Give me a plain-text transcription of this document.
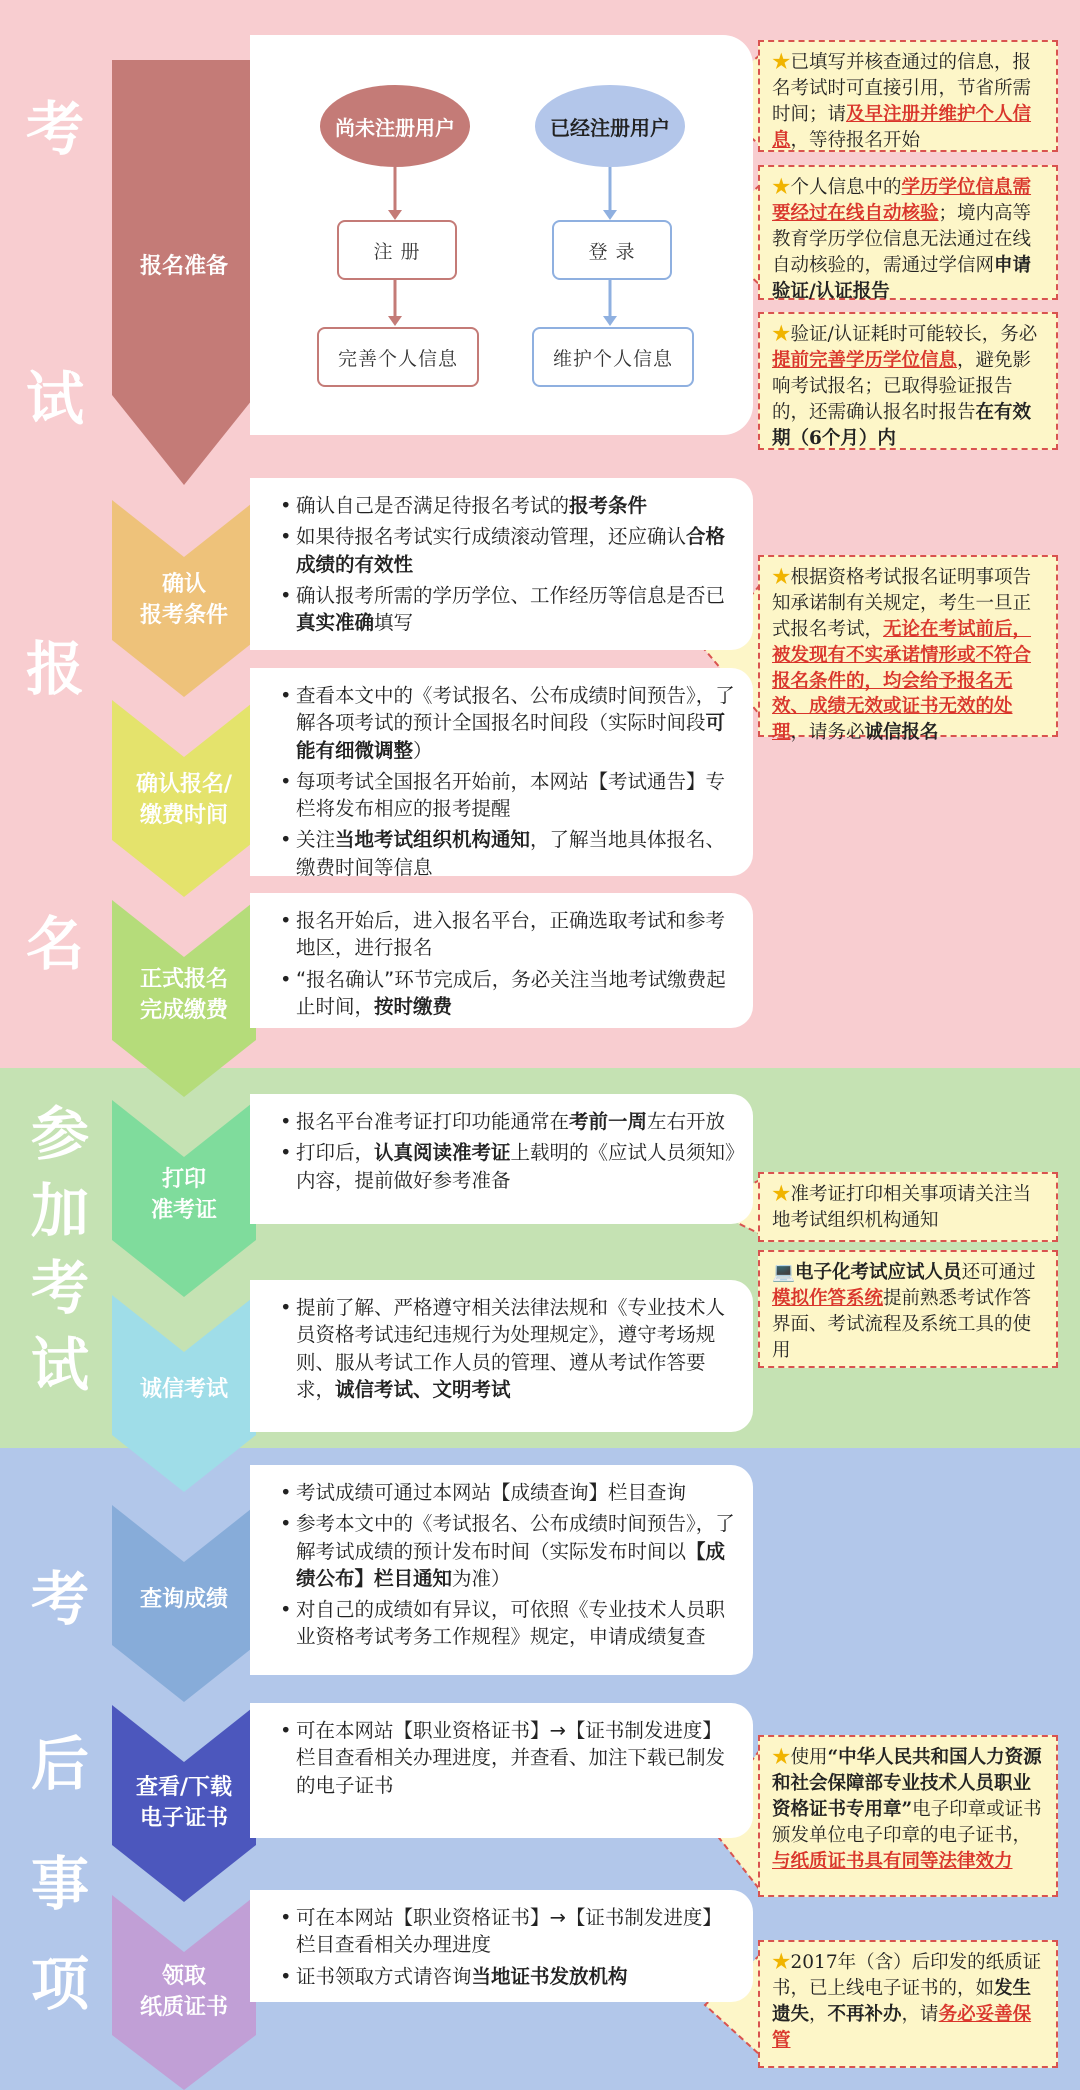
考
试
报
名
参
加
考
试
考
后
事
项
报名准备
确认
报考条件
确认报名/
缴费时间
正式报名
完成缴费
打印
准考证
诚信考试
查询成绩
查看/下载
电子证书
领取
纸质证书
尚未注册用户	已经注册用户
注 册	登 录
完善个人信息	维护个人信息
• 确认自己是否满足待报名考试的报考条件
• 如果待报名考试实行成绩滚动管理，还应确认合格成绩的有效性
• 确认报考所需的学历学位、工作经历等信息是否已真实准确填写
• 查看本文中的《考试报名、公布成绩时间预告》，了解各项考试的预计全国报名时间段（实际时间段可能有细微调整）
• 每项考试全国报名开始前，本网站【考试通告】专栏将发布相应的报考提醒
• 关注当地考试组织机构通知，了解当地具体报名、缴费时间等信息
• 报名开始后，进入报名平台，正确选取考试和参考地区，进行报名
• “报名确认”环节完成后，务必关注当地考试缴费起止时间，按时缴费
• 报名平台准考证打印功能通常在考前一周左右开放
• 打印后，认真阅读准考证上载明的《应试人员须知》内容，提前做好参考准备
• 提前了解、严格遵守相关法律法规和《专业技术人员资格考试违纪违规行为处理规定》，遵守考场规则、服从考试工作人员的管理、遵从考试作答要求，诚信考试、文明考试
• 考试成绩可通过本网站【成绩查询】栏目查询
• 参考本文中的《考试报名、公布成绩时间预告》，了解考试成绩的预计发布时间（实际发布时间以【成绩公布】栏目通知为准）
• 对自己的成绩如有异议，可依照《专业技术人员职业资格考试考务工作规程》规定，申请成绩复查
• 可在本网站【职业资格证书】→【证书制发进度】栏目查看相关办理进度，并查看、加注下载已制发的电子证书
• 可在本网站【职业资格证书】→【证书制发进度】栏目查看相关办理进度
• 证书领取方式请咨询当地证书发放机构
★已填写并核查通过的信息，报名考试时可直接引用，节省所需时间；请及早注册并维护个人信息，等待报名开始
★个人信息中的学历学位信息需要经过在线自动核验；境内高等教育学历学位信息无法通过在线自动核验的，需通过学信网申请验证/认证报告
★验证/认证耗时可能较长，务必提前完善学历学位信息，避免影响考试报名；已取得验证报告的，还需确认报名时报告在有效期（6个月）内
★根据资格考试报名证明事项告知承诺制有关规定，考生一旦正式报名考试，无论在考试前后，被发现有不实承诺情形或不符合报名条件的，均会给予报名无效、成绩无效或证书无效的处理，请务必诚信报名
★准考证打印相关事项请关注当地考试组织机构通知
💻电子化考试应试人员还可通过模拟作答系统提前熟悉考试作答界面、考试流程及系统工具的使用
★使用“中华人民共和国人力资源和社会保障部专业技术人员职业资格证书专用章”电子印章或证书颁发单位电子印章的电子证书，与纸质证书具有同等法律效力
★2017年（含）后印发的纸质证书，已上线电子证书的，如发生遗失，不再补办，请务必妥善保管
